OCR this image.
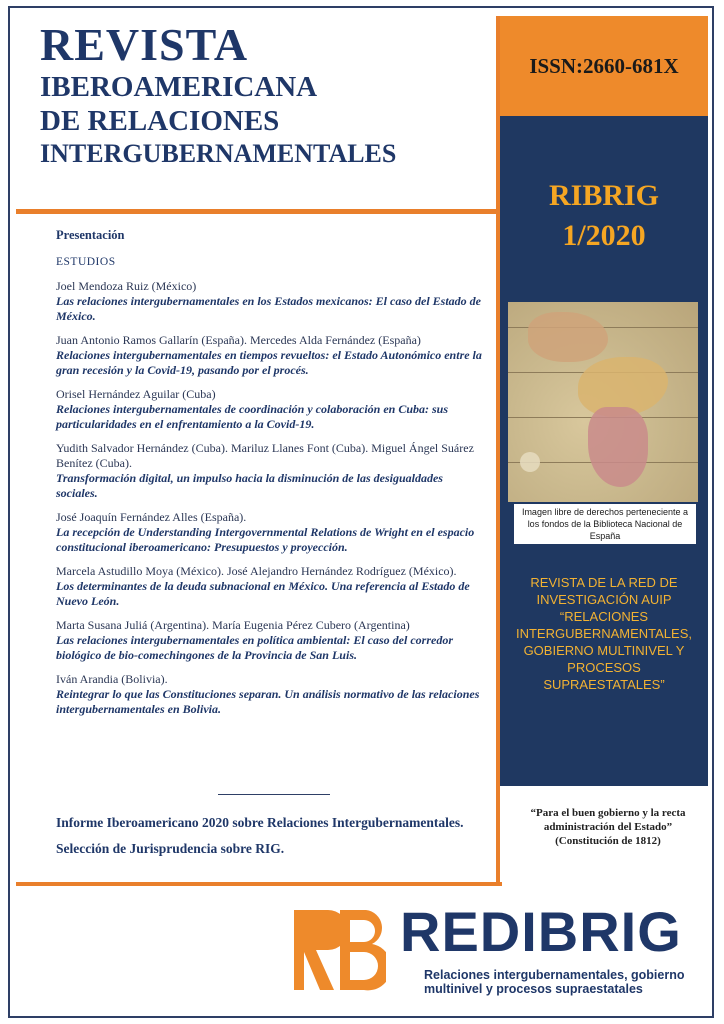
REVISTA
IBEROAMERICANA
DE RELACIONES
INTERGUBERNAMENTALES
ISSN:2660-681X
RIBRIG
1/2020
Imagen libre de derechos perteneciente a los fondos de la Biblioteca Nacional de España
REVISTA DE LA RED DE INVESTIGACIÓN AUIP “RELACIONES INTERGUBERNAMENTALES, GOBIERNO MULTINIVEL Y PROCESOS SUPRAESTATALES”
Presentación
ESTUDIOS
Joel Mendoza Ruiz (México)
Las relaciones intergubernamentales en los Estados mexicanos: El caso del Estado de México.
Juan Antonio Ramos Gallarín (España). Mercedes Alda Fernández (España)
Relaciones intergubernamentales en tiempos revueltos: el Estado Autonómico entre la gran recesión y la Covid-19, pasando por el procés.
Orisel Hernández Aguilar (Cuba)
Relaciones intergubernamentales de coordinación y colaboración en Cuba: sus particularidades en el enfrentamiento a la Covid-19.
Yudith Salvador Hernández (Cuba). Mariluz Llanes Font (Cuba). Miguel Ángel Suárez Benítez (Cuba).
Transformación digital, un impulso hacia la disminución de las desigualdades sociales.
José Joaquín Fernández Alles (España).
La recepción de Understanding Intergovernmental Relations de Wright en el espacio constitucional iberoamericano: Presupuestos y proyección.
Marcela Astudillo Moya (México). José Alejandro Hernández Rodríguez (México).
Los determinantes de la deuda subnacional en México. Una referencia al Estado de Nuevo León.
Marta Susana Juliá (Argentina). María Eugenia Pérez Cubero (Argentina)
Las relaciones intergubernamentales en política ambiental: El caso del corredor biológico de bio-comechingones de la Provincia de San Luis.
Iván Arandia (Bolivia).
Reintegrar lo que las Constituciones separan. Un análisis normativo de las relaciones intergubernamentales en Bolivia.

Informe Iberoamericano 2020 sobre Relaciones Intergubernamentales.

Selección de Jurisprudencia sobre RIG.

“Para el buen gobierno y la recta administración del Estado”
(Constitución de 1812)
REDIBRIG
Relaciones intergubernamentales, gobierno multinivel y procesos supraestatales
